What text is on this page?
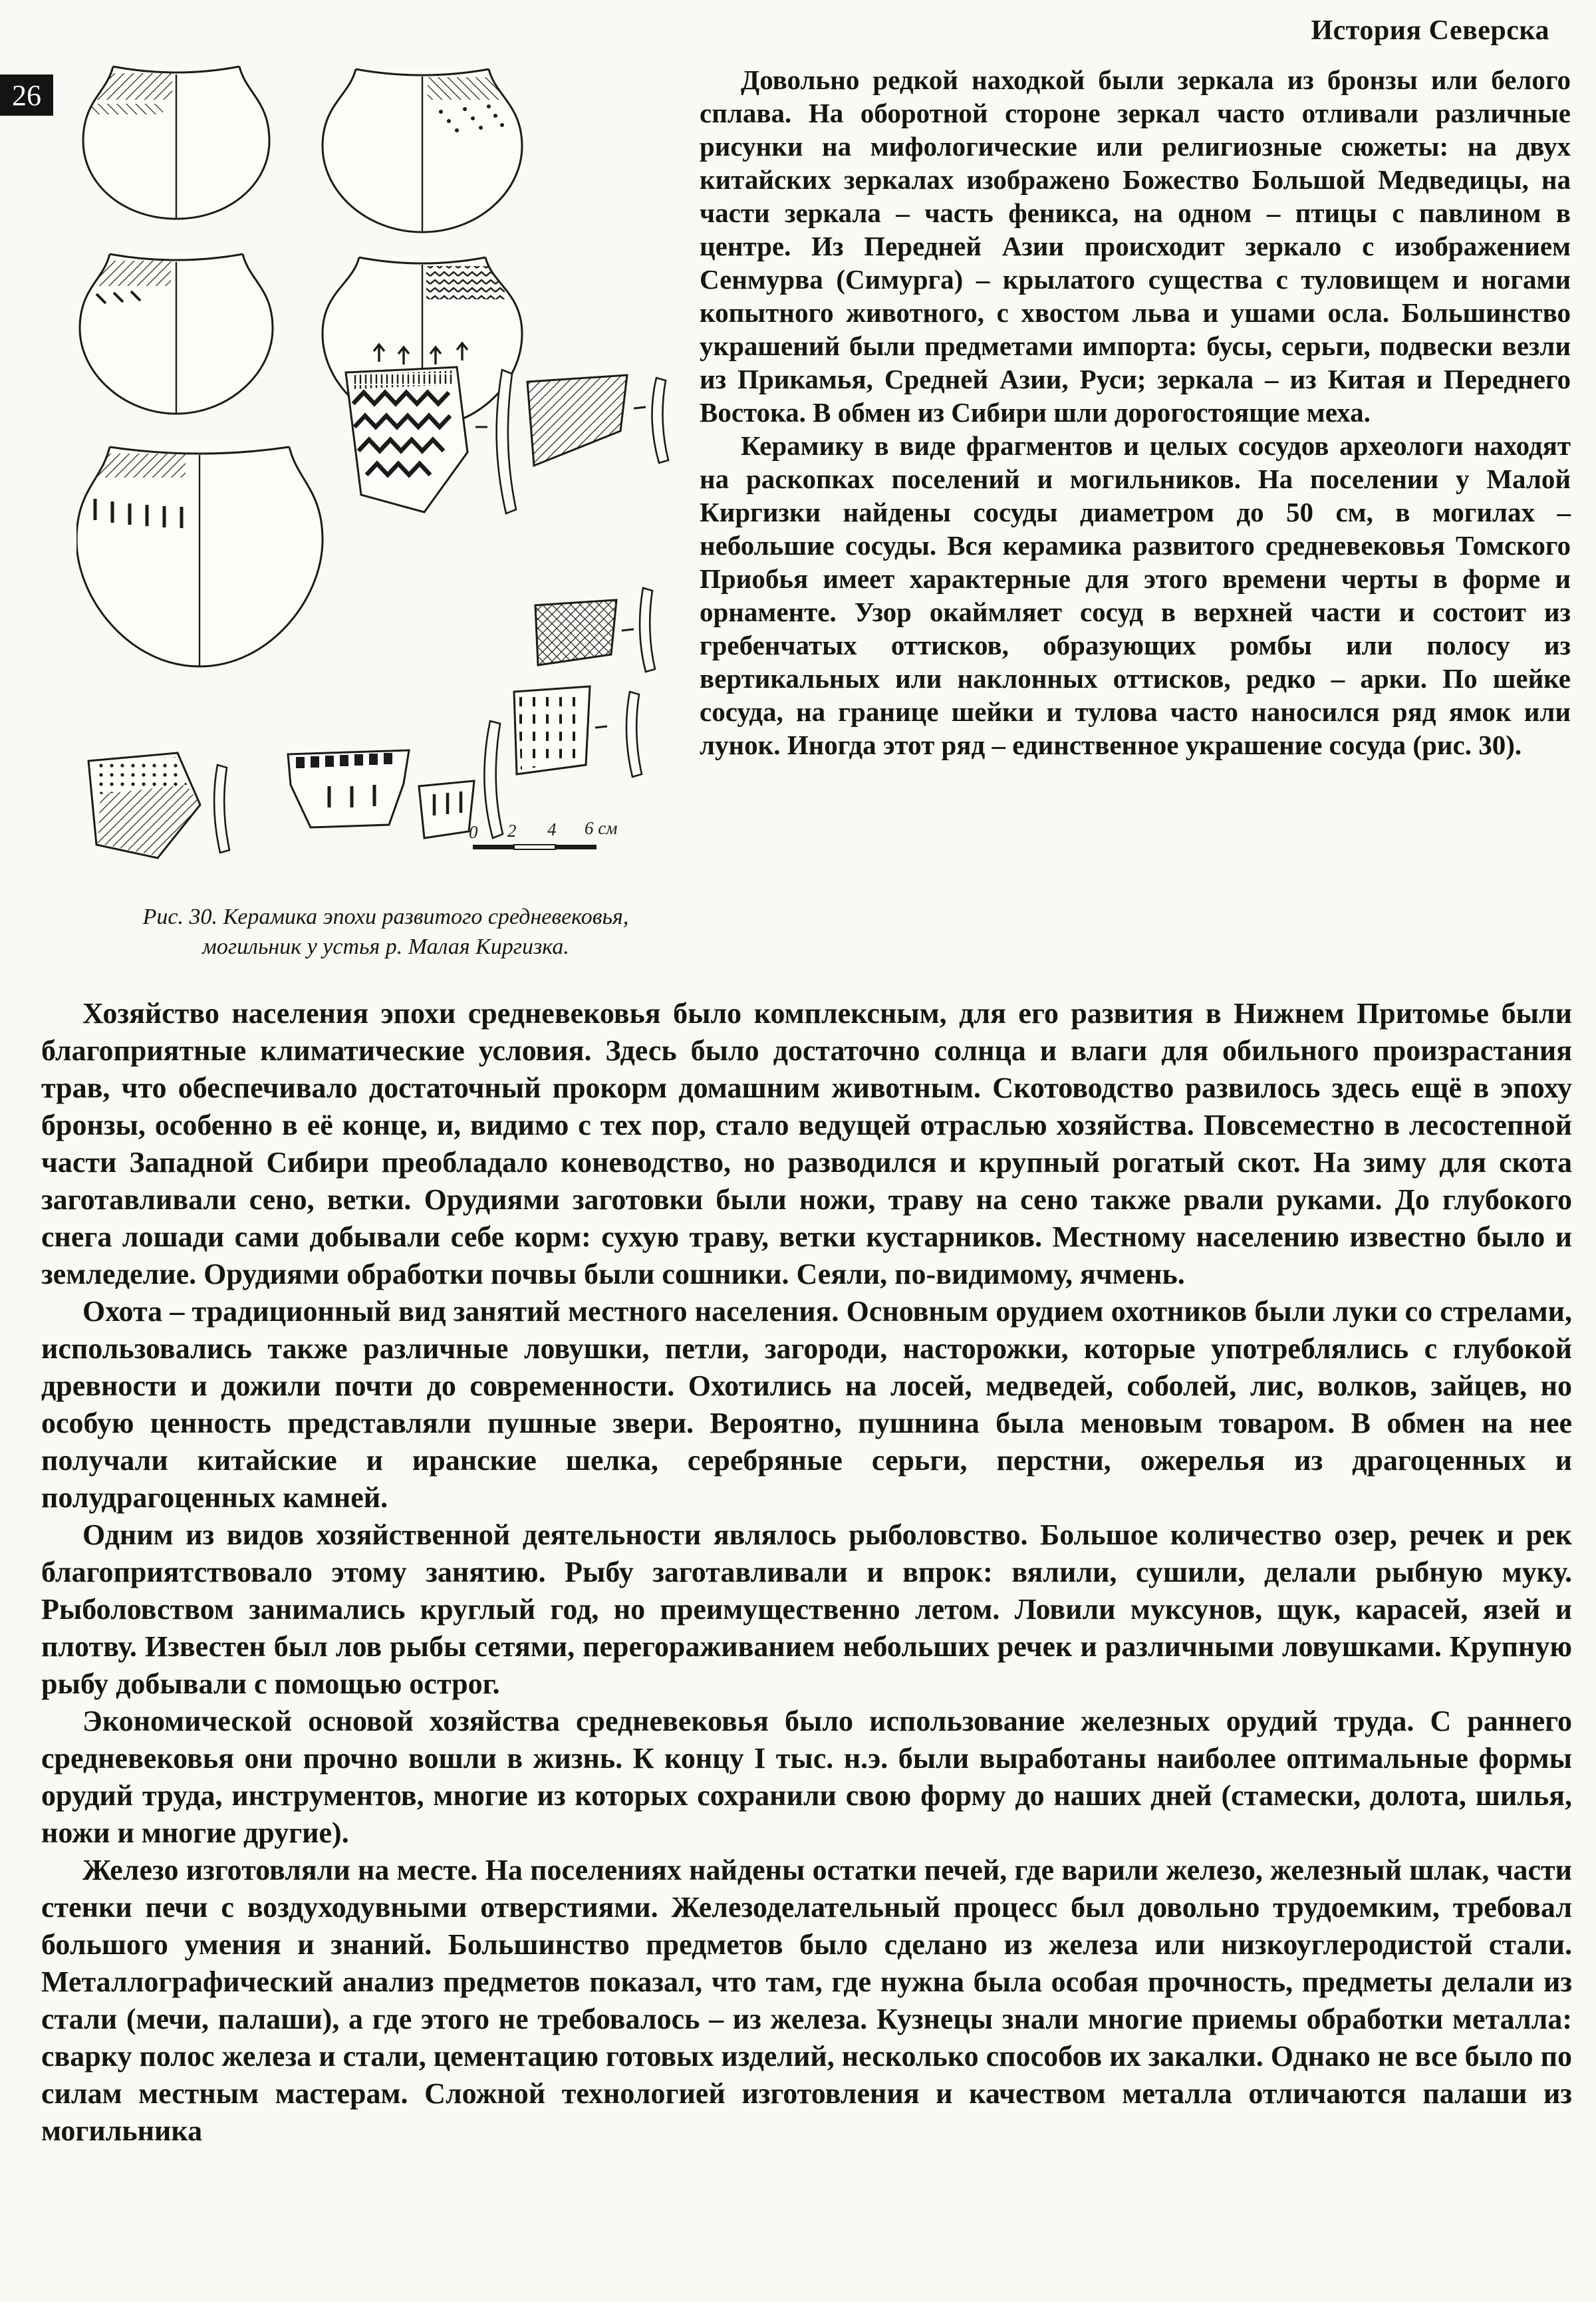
История Северска
26
0 2 4 6 см
Рис. 30. Керамика эпохи развитого средневековья,
могильник у устья р. Малая Киргизка.

Довольно редкой находкой были зеркала из бронзы или белого сплава. На оборотной стороне зеркал часто отливали различные рисунки на мифологические или религиозные сюжеты: на двух китайских зеркалах изображено Божество Большой Медведицы, на части зеркала – часть феникса, на одном – птицы с павлином в центре. Из Передней Азии происходит зеркало с изображением Сенмурва (Симурга) – крылатого существа с туловищем и ногами копытного животного, с хвостом льва и ушами осла. Большинство украшений были предметами импорта: бусы, серьги, подвески везли из Прикамья, Средней Азии, Руси; зеркала – из Китая и Переднего Востока. В обмен из Сибири шли дорогостоящие меха.

Керамику в виде фрагментов и целых сосудов археологи находят на раскопках поселений и могильников. На поселении у Малой Киргизки найдены сосуды диаметром до 50 см, в могилах – небольшие сосуды. Вся керамика развитого средневековья Томского Приобья имеет характерные для этого времени черты в форме и орнаменте. Узор окаймляет сосуд в верхней части и состоит из гребенчатых оттисков, образующих ромбы или полосу из вертикальных или наклонных оттисков, редко – арки. По шейке сосуда, на границе шейки и тулова часто наносился ряд ямок или лунок. Иногда этот ряд – единственное украшение сосуда (рис. 30).

Хозяйство населения эпохи средневековья было комплексным, для его развития в Нижнем Притомье были благоприятные климатические условия. Здесь было достаточно солнца и влаги для обильного произрастания трав, что обеспечивало достаточный прокорм домашним животным. Скотоводство развилось здесь ещё в эпоху бронзы, особенно в её конце, и, видимо с тех пор, стало ведущей отраслью хозяйства. Повсеместно в лесостепной части Западной Сибири преобладало коневодство, но разводился и крупный рогатый скот. На зиму для скота заготавливали сено, ветки. Орудиями заготовки были ножи, траву на сено также рвали руками. До глубокого снега лошади сами добывали себе корм: сухую траву, ветки кустарников. Местному населению известно было и земледелие. Орудиями обработки почвы были сошники. Сеяли, по-видимому, ячмень.

Охота – традиционный вид занятий местного населения. Основным орудием охотников были луки со стрелами, использовались также различные ловушки, петли, загороди, насторожки, которые употреблялись с глубокой древности и дожили почти до современности. Охотились на лосей, медведей, соболей, лис, волков, зайцев, но особую ценность представляли пушные звери. Вероятно, пушнина была меновым товаром. В обмен на нее получали китайские и иранские шелка, серебряные серьги, перстни, ожерелья из драгоценных и полудрагоценных камней.

Одним из видов хозяйственной деятельности являлось рыболовство. Большое количество озер, речек и рек благоприятствовало этому занятию. Рыбу заготавливали и впрок: вялили, сушили, делали рыбную муку. Рыболовством занимались круглый год, но преимущественно летом. Ловили муксунов, щук, карасей, язей и плотву. Известен был лов рыбы сетями, перегораживанием небольших речек и различными ловушками. Крупную рыбу добывали с помощью острог.

Экономической основой хозяйства средневековья было использование железных орудий труда. С раннего средневековья они прочно вошли в жизнь. К концу I тыс. н.э. были выработаны наиболее оптимальные формы орудий труда, инструментов, многие из которых сохранили свою форму до наших дней (стамески, долота, шилья, ножи и многие другие).

Железо изготовляли на месте. На поселениях найдены остатки печей, где варили железо, железный шлак, части стенки печи с воздуходувными отверстиями. Железоделательный процесс был довольно трудоемким, требовал большого умения и знаний. Большинство предметов было сделано из железа или низкоуглеродистой стали. Металлографический анализ предметов показал, что там, где нужна была особая прочность, предметы делали из стали (мечи, палаши), а где этого не требовалось – из железа. Кузнецы знали многие приемы обработки металла: сварку полос железа и стали, цементацию готовых изделий, несколько способов их закалки. Однако не все было по силам местным мастерам. Сложной технологией изготовления и качеством металла отличаются палаши из могильника
